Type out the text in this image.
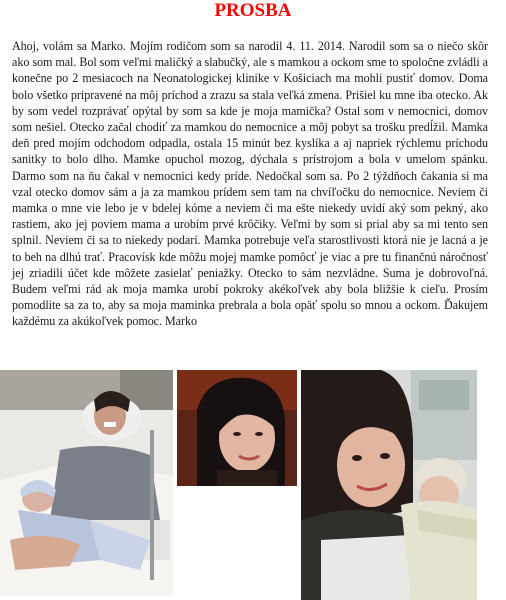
PROSBA

Ahoj, volám sa Marko. Mojím rodičom som sa narodil 4. 11. 2014. Narodil som sa o niečo skôr ako som mal. Bol som veľmi maličký a slabučký, ale s mamkou a ockom sme to spoločne zvládli a konečne po 2 mesiacoch na Neonatologickej klinike v Košiciach ma mohli pustiť domov. Doma bolo všetko pripravené na môj príchod a zrazu sa stala veľká zmena. Prišiel ku mne iba otecko. Ak by som vedel rozprávať opýtal by som sa kde je moja mamička? Ostal som v nemocnici, domov som nešiel. Otecko začal chodiť za mamkou do nemocnice a môj pobyt sa trošku predĺžil. Mamka deň pred mojím odchodom odpadla, ostala 15 minút bez kyslíka a aj napriek rýchlemu príchodu sanitky to bolo dlho. Mamke opuchol mozog, dýchala s prístrojom a bola v umelom spánku. Darmo som na ňu čakal v nemocnici kedy príde. Nedočkal som sa. Po 2 týždňoch čakania si ma vzal otecko domov sám a ja za mamkou prídem sem tam na chvíľočku do nemocnice. Neviem či mamka o mne vie lebo je v bdelej kóme a neviem či ma ešte niekedy uvidí aký som pekný, ako rastiem, ako jej poviem mama a urobím prvé krôčiky. Veľmi by som si prial aby sa mi tento sen splnil. Neviem či sa to niekedy podarí. Mamka potrebuje veľa starostlivosti ktorá nie je lacná a je to beh na dlhú trať. Pracovísk kde môžu mojej mamke pomôcť je viac a pre tu finančnú náročnosť jej zriadili účet kde môžete zasielať peniažky. Otecko to sám nezvládne. Suma je dobrovoľná. Budem veľmi rád ak moja mamka urobí pokroky akékoľvek aby bola bližšie k cieľu. Prosím pomodlite sa za to, aby sa moja maminka prebrala a bola opäť spolu so mnou a ockom. Ďakujem každému za akúkoľvek pomoc. Marko
